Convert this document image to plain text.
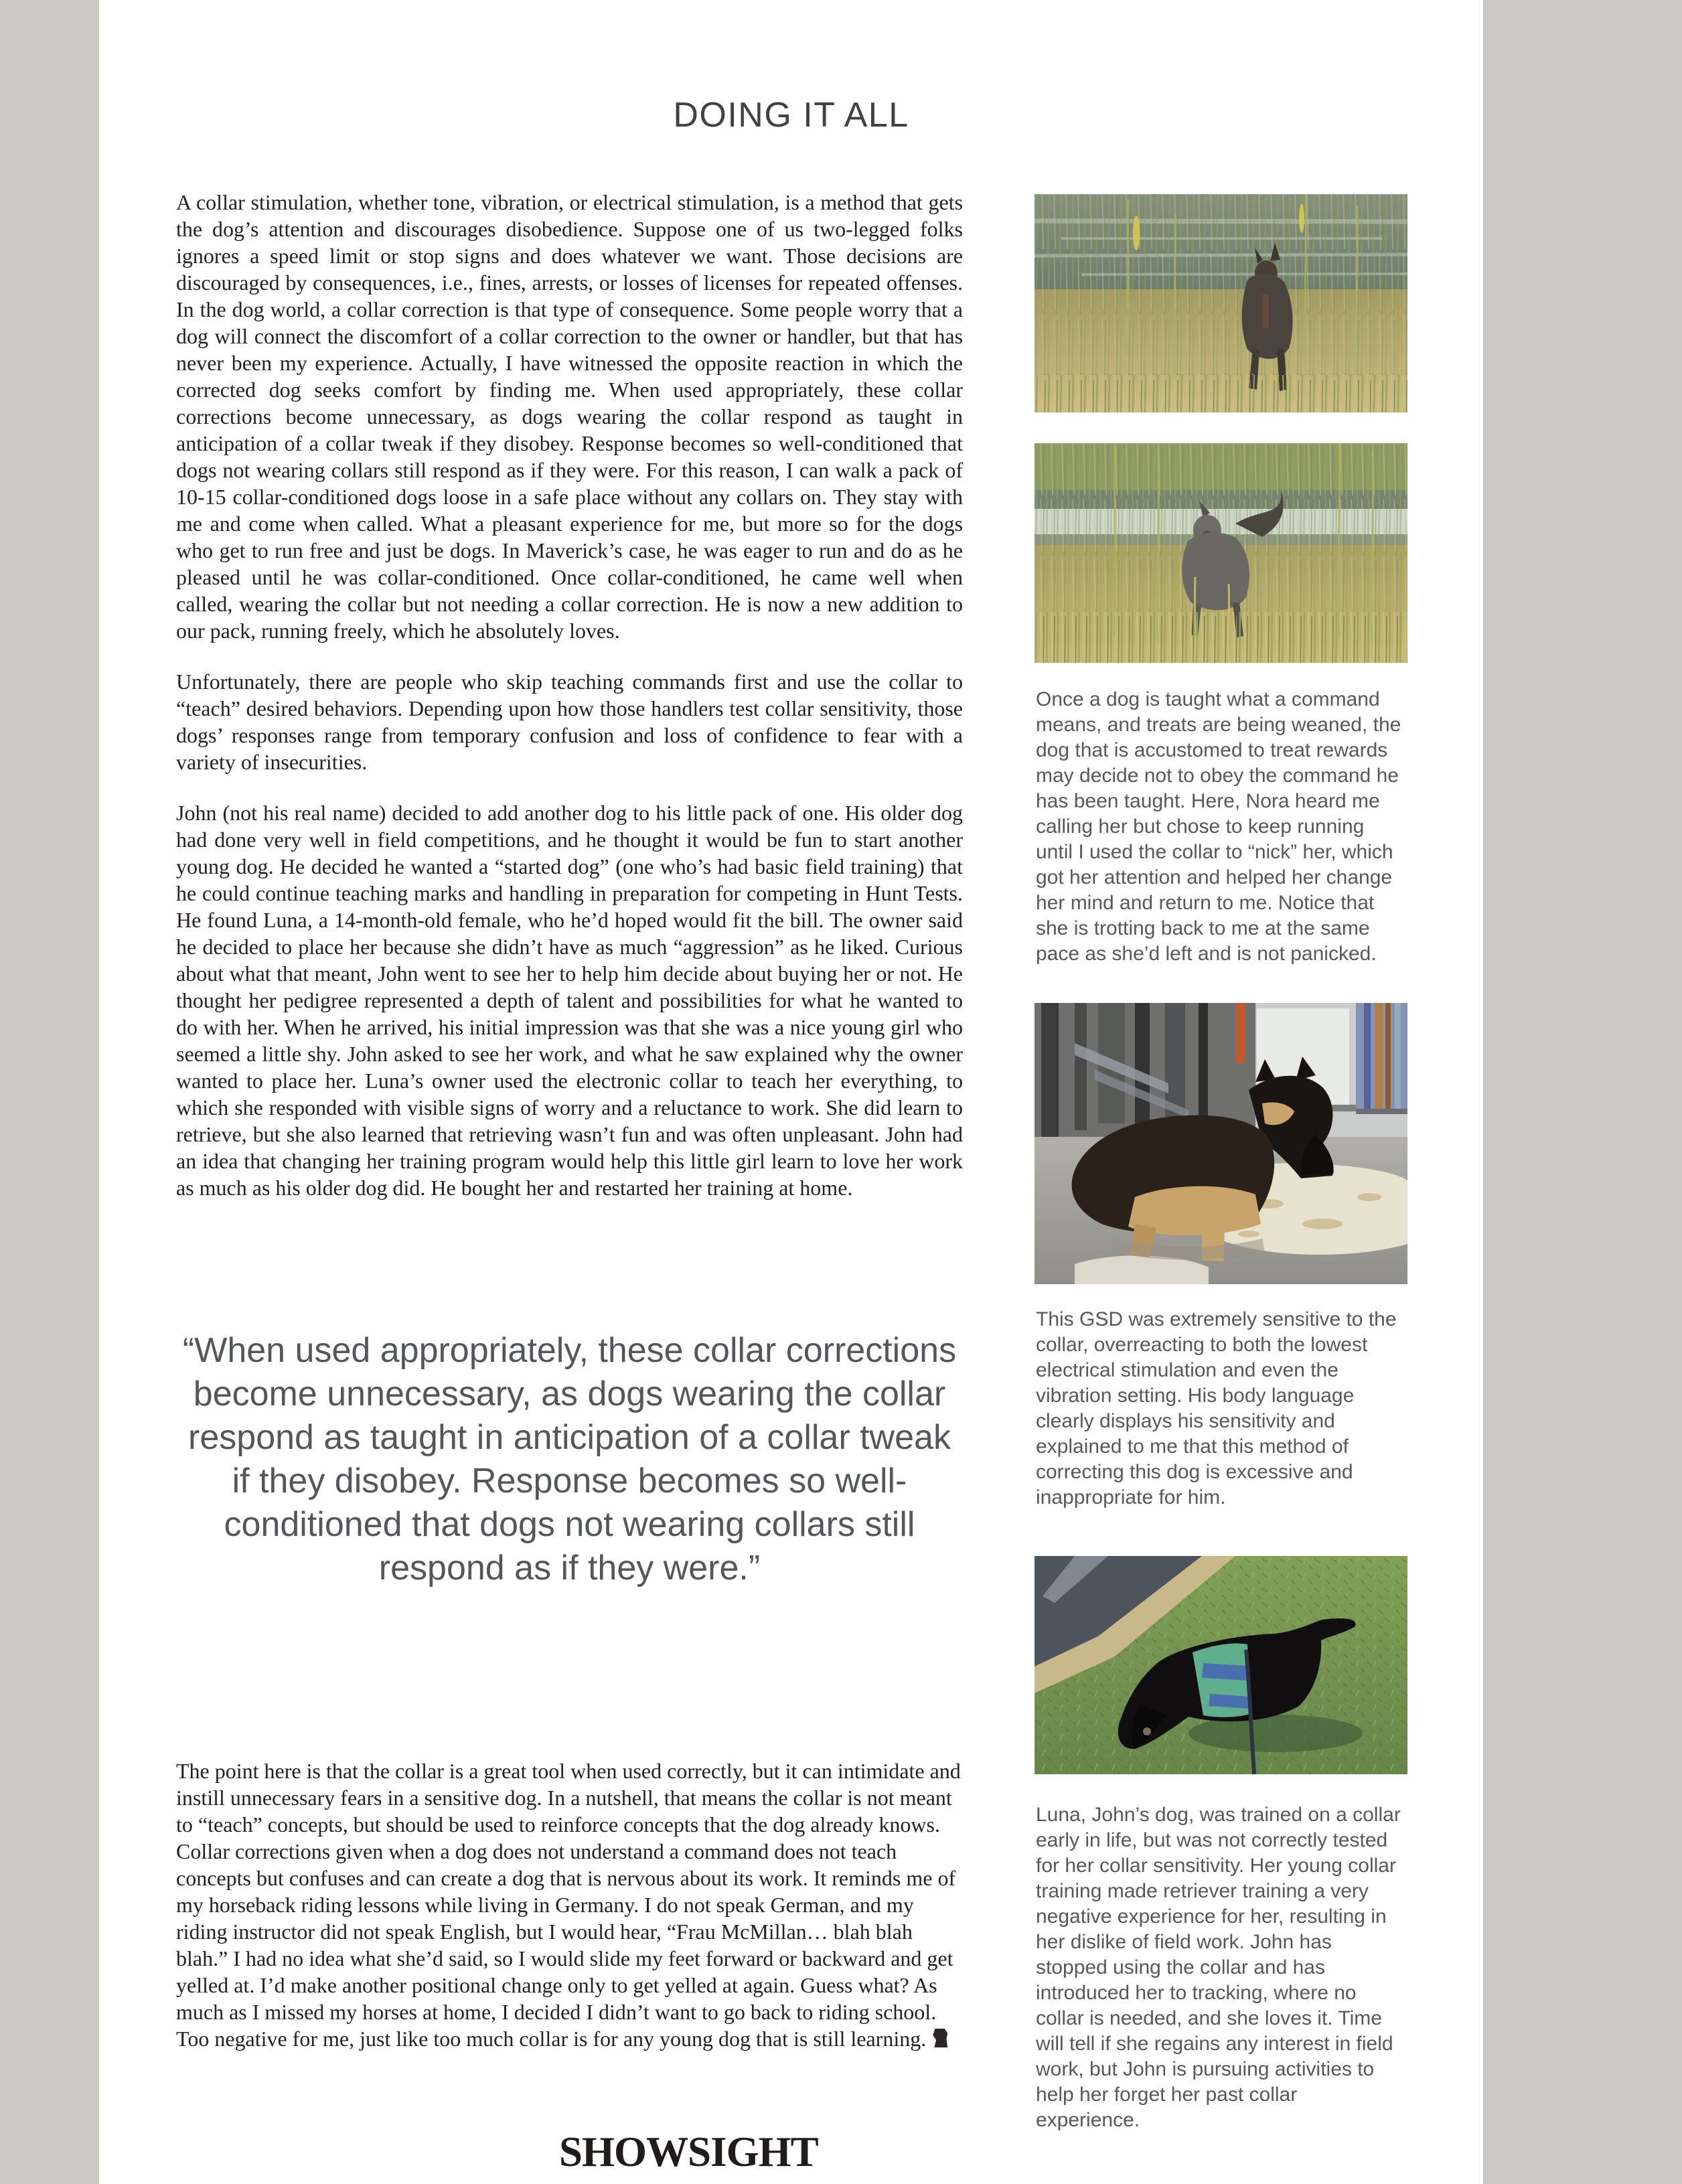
DOING IT ALL

A collar stimulation, whether tone, vibration, or electrical stimulation, is a method that gets the dog’s attention and discourages disobedience. Suppose one of us two-legged folks ignores a speed limit or stop signs and does whatever we want. Those decisions are discouraged by consequences, i.e., fines, arrests, or losses of licenses for repeated offenses. In the dog world, a collar correction is that type of consequence. Some people worry that a dog will connect the discomfort of a collar correction to the owner or handler, but that has never been my experience. Actually, I have witnessed the opposite reaction in which the corrected dog seeks comfort by finding me. When used appropriately, these collar corrections become unnecessary, as dogs wearing the collar respond as taught in anticipation of a collar tweak if they disobey. Response becomes so well-conditioned that dogs not wearing collars still respond as if they were. For this reason, I can walk a pack of 10-15 collar-conditioned dogs loose in a safe place without any collars on. They stay with me and come when called. What a pleasant experience for me, but more so for the dogs who get to run free and just be dogs. In Maverick’s case, he was eager to run and do as he pleased until he was collar-conditioned. Once collar-conditioned, he came well when called, wearing the collar but not needing a collar correction. He is now a new addition to our pack, running freely, which he absolutely loves.

Unfortunately, there are people who skip teaching commands first and use the collar to “teach” desired behaviors. Depending upon how those handlers test collar sensitivity, those dogs’ responses range from temporary confusion and loss of confidence to fear with a variety of insecurities.

John (not his real name) decided to add another dog to his little pack of one. His older dog had done very well in field competitions, and he thought it would be fun to start another young dog. He decided he wanted a “started dog” (one who’s had basic field training) that he could continue teaching marks and handling in preparation for competing in Hunt Tests. He found Luna, a 14-month-old female, who he’d hoped would fit the bill. The owner said he decided to place her because she didn’t have as much “aggression” as he liked. Curious about what that meant, John went to see her to help him decide about buying her or not. He thought her pedigree represented a depth of talent and possibilities for what he wanted to do with her. When he arrived, his initial impression was that she was a nice young girl who seemed a little shy. John asked to see her work, and what he saw explained why the owner wanted to place her. Luna’s owner used the electronic collar to teach her everything, to which she responded with visible signs of worry and a reluctance to work. She did learn to retrieve, but she also learned that retrieving wasn’t fun and was often unpleasant. John had an idea that changing her training program would help this little girl learn to love her work as much as his older dog did. He bought her and restarted her training at home.

“When used appropriately, these collar corrections become unnecessary, as dogs wearing the collar respond as taught in anticipation of a collar tweak if they disobey. Response becomes so well-conditioned that dogs not wearing collars still respond as if they were.”

The point here is that the collar is a great tool when used correctly, but it can intimidate and instill unnecessary fears in a sensitive dog. In a nutshell, that means the collar is not meant to “teach” concepts, but should be used to reinforce concepts that the dog already knows. Collar corrections given when a dog does not understand a command does not teach concepts but confuses and can create a dog that is nervous about its work. It reminds me of my horseback riding lessons while living in Germany. I do not speak German, and my riding instructor did not speak English, but I would hear, “Frau McMillan… blah blah blah.” I had no idea what she’d said, so I would slide my feet forward or backward and get yelled at. I’d make another positional change only to get yelled at again. Guess what? As much as I missed my horses at home, I decided I didn’t want to go back to riding school. Too negative for me, just like too much collar is for any young dog that is still learning.

Once a dog is taught what a command means, and treats are being weaned, the dog that is accustomed to treat rewards may decide not to obey the command he has been taught. Here, Nora heard me calling her but chose to keep running until I used the collar to “nick” her, which got her attention and helped her change her mind and return to me. Notice that she is trotting back to me at the same pace as she’d left and is not panicked.
This GSD was extremely sensitive to the collar, overreacting to both the lowest electrical stimulation and even the vibration setting. His body language clearly displays his sensitivity and explained to me that this method of correcting this dog is excessive and inappropriate for him.
Luna, John’s dog, was trained on a collar early in life, but was not correctly tested for her collar sensitivity. Her young collar training made retriever training a very negative experience for her, resulting in her dislike of field work. John has stopped using the collar and has introduced her to tracking, where no collar is needed, and she loves it. Time will tell if she regains any interest in field work, but John is pursuing activities to help her forget her past collar experience.
SHOWSIGHT
